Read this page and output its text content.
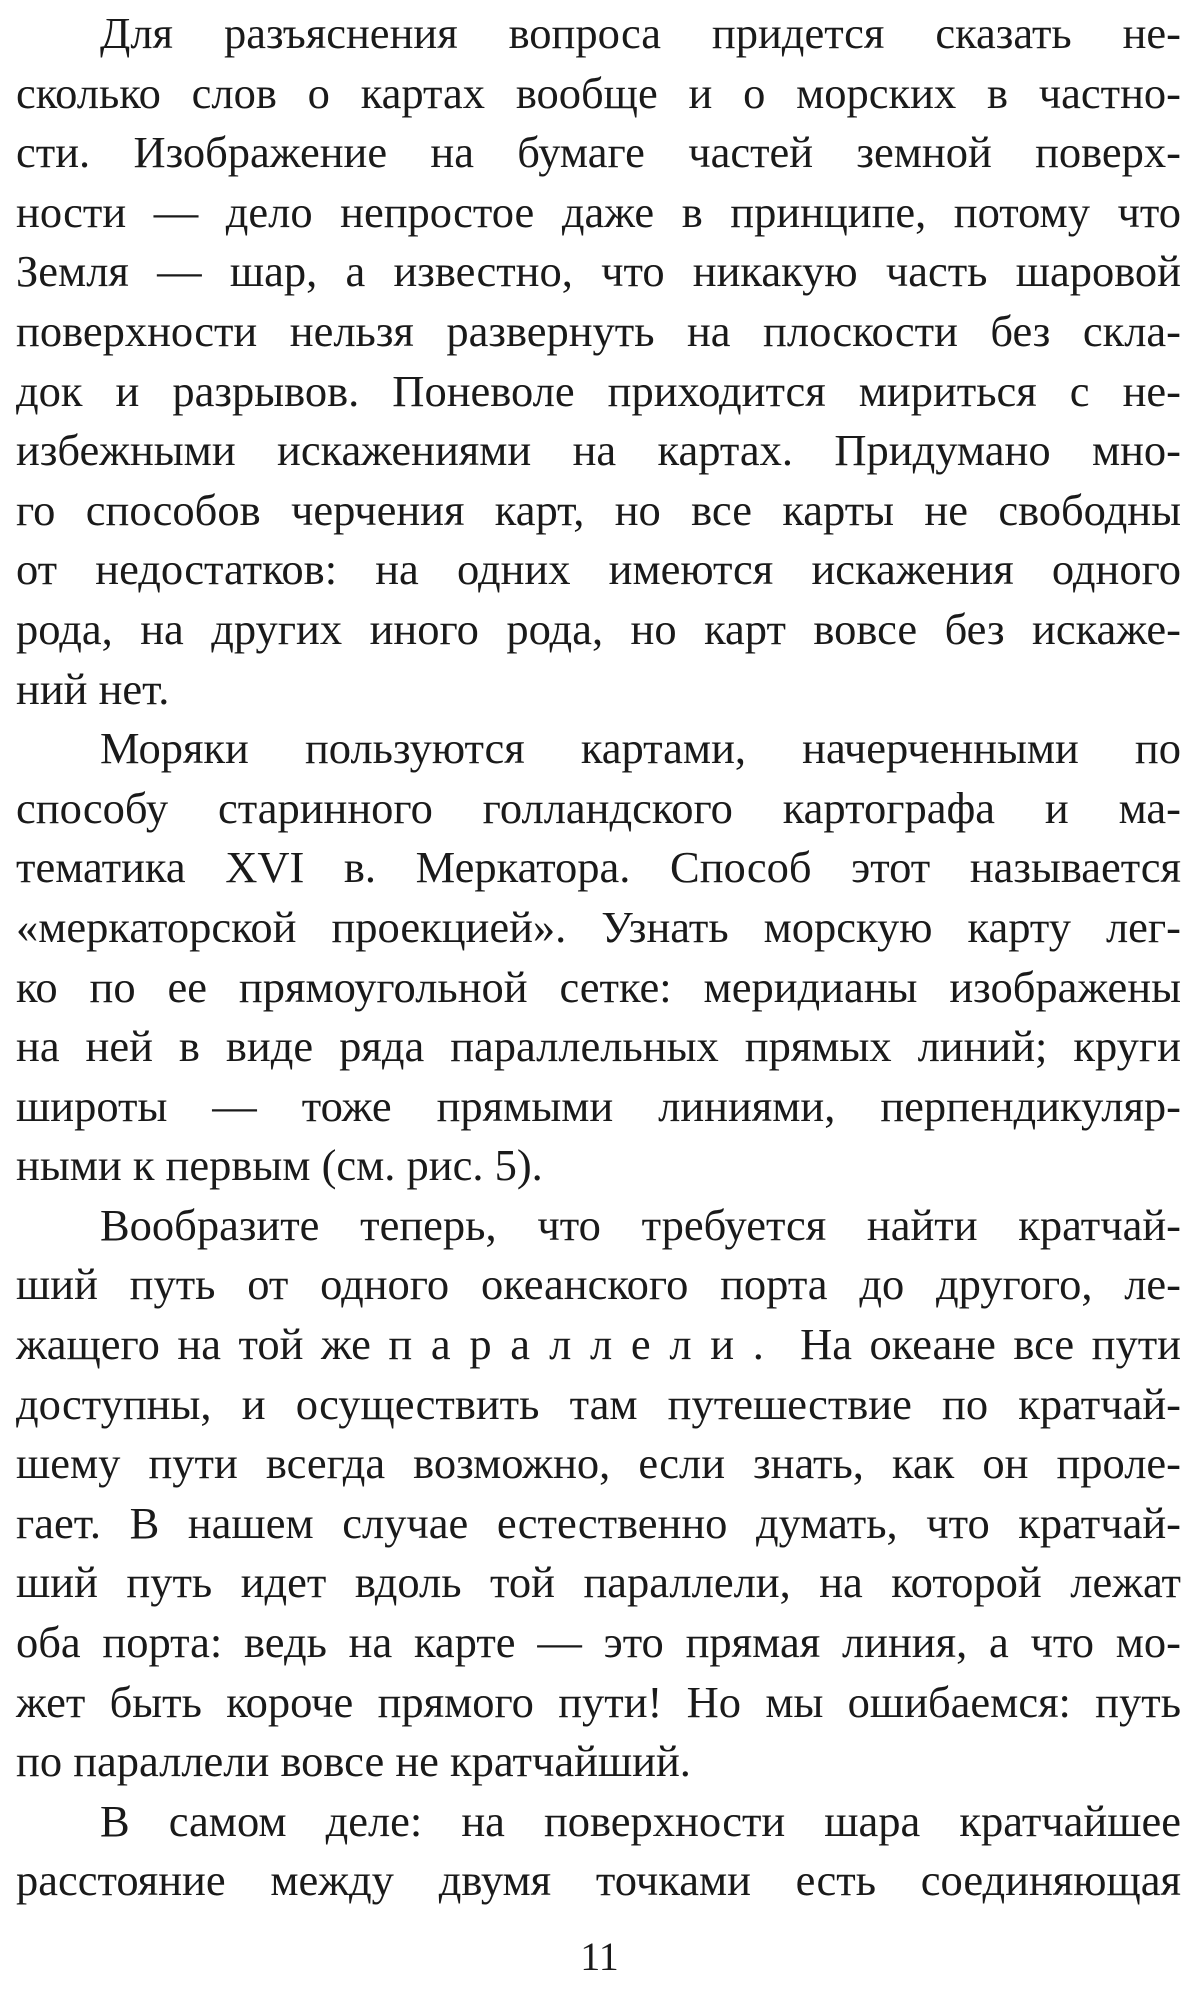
Для разъяснения вопроса придется сказать не-
сколько слов о картах вообще и о морских в частно-
сти. Изображение на бумаге частей земной поверх-
ности — дело непростое даже в принципе, потому что
Земля — шар, а известно, что никакую часть шаровой
поверхности нельзя развернуть на плоскости без скла-
док и разрывов. Поневоле приходится мириться с не-
избежными искажениями на картах. Придумано мно-
го способов черчения карт, но все карты не свободны
от недостатков: на одних имеются искажения одного
рода, на других иного рода, но карт вовсе без искаже-
ний нет.
Моряки пользуются картами, начерченными по
способу старинного голландского картографа и ма-
тематика XVI в. Меркатора. Способ этот называется
«меркаторской проекцией». Узнать морскую карту лег-
ко по ее прямоугольной сетке: меридианы изображены
на ней в виде ряда параллельных прямых линий; круги
широты — тоже прямыми линиями, перпендикуляр-
ными к первым (см. рис. 5).
Вообразите теперь, что требуется найти кратчай-
ший путь от одного океанского порта до другого, ле-
жащего на той же параллели. На океане все пути
доступны, и осуществить там путешествие по кратчай-
шему пути всегда возможно, если знать, как он проле-
гает. В нашем случае естественно думать, что кратчай-
ший путь идет вдоль той параллели, на которой лежат
оба порта: ведь на карте — это прямая линия, а что мо-
жет быть короче прямого пути! Но мы ошибаемся: путь
по параллели вовсе не кратчайший.
В самом деле: на поверхности шара кратчайшее
расстояние между двумя точками есть соединяющая
11
